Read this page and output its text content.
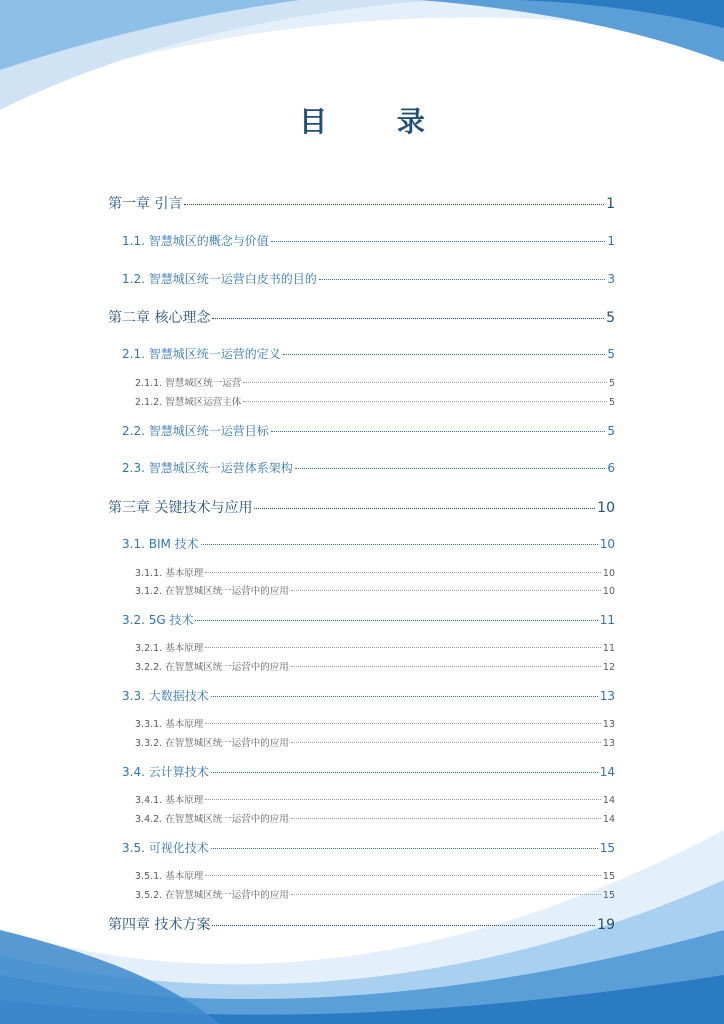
目 录
第一章 引言	1
1.1. 智慧城区的概念与价值	1
1.2. 智慧城区统一运营白皮书的目的	3
第二章 核心理念	5
2.1. 智慧城区统一运营的定义	5
2.1.1. 智慧城区统一运营	5
2.1.2. 智慧城区运营主体	5
2.2. 智慧城区统一运营目标	5
2.3. 智慧城区统一运营体系架构	6
第三章 关键技术与应用	10
3.1. BIM 技术	10
3.1.1. 基本原理	10
3.1.2. 在智慧城区统一运营中的应用	10
3.2. 5G 技术	11
3.2.1. 基本原理	11
3.2.2. 在智慧城区统一运营中的应用	12
3.3. 大数据技术	13
3.3.1. 基本原理	13
3.3.2. 在智慧城区统一运营中的应用	13
3.4. 云计算技术	14
3.4.1. 基本原理	14
3.4.2. 在智慧城区统一运营中的应用	14
3.5. 可视化技术	15
3.5.1. 基本原理	15
3.5.2. 在智慧城区统一运营中的应用	15
第四章 技术方案	19
